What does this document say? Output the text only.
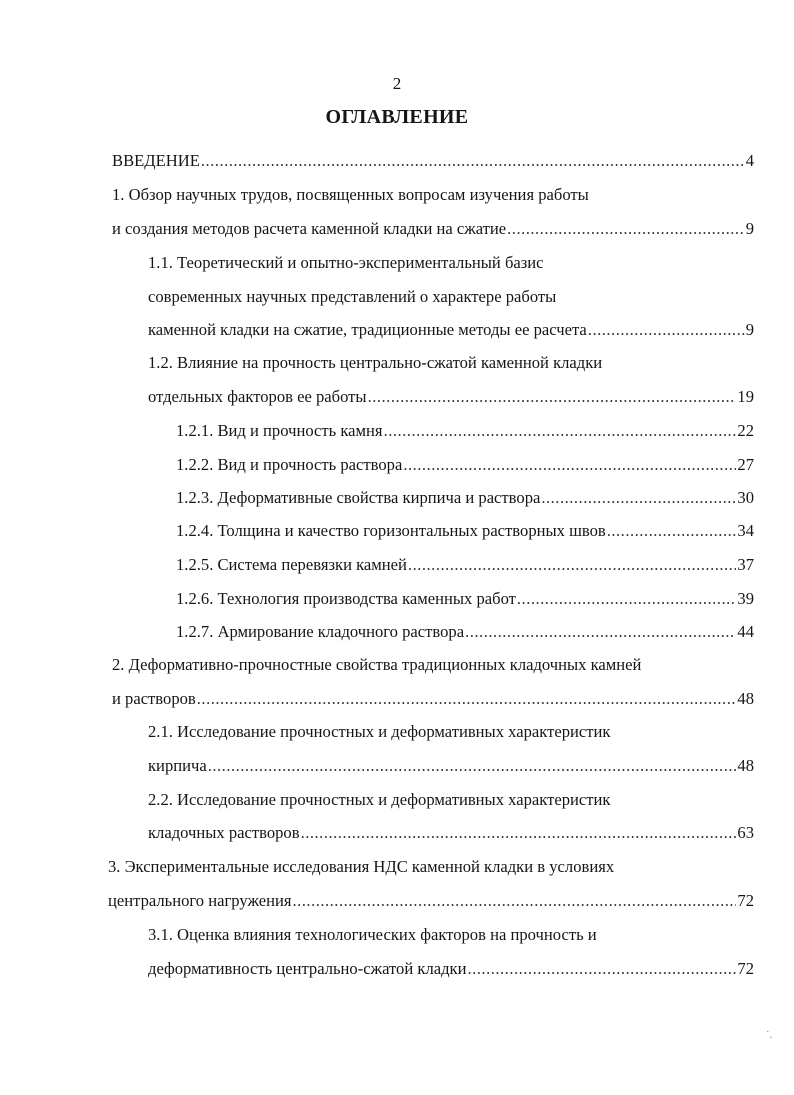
2
ОГЛАВЛЕНИЕ
ВВЕДЕНИЕ .....	4
1. Обзор научных трудов, посвященных вопросам изучения работы
и создания методов расчета каменной кладки на сжатие .....	9
1.1. Теоретический и опытно-экспериментальный базис
современных научных представлений о характере работы
каменной кладки на сжатие, традиционные методы ее расчета .....	9
1.2. Влияние на прочность центрально-сжатой каменной кладки
отдельных факторов ее работы .....	19
1.2.1. Вид и прочность камня .....	22
1.2.2. Вид и прочность раствора .....	27
1.2.3. Деформативные свойства кирпича и раствора .....	30
1.2.4. Толщина и качество горизонтальных растворных швов .....	34
1.2.5. Система перевязки камней .....	37
1.2.6. Технология производства каменных работ .....	39
1.2.7. Армирование кладочного раствора .....	44
2. Деформативно-прочностные свойства традиционных кладочных камней
и растворов .....	48
2.1. Исследование прочностных и деформативных характеристик
кирпича .....	48
2.2. Исследование прочностных и деформативных характеристик
кладочных растворов .....	63
3. Экспериментальные исследования НДС каменной кладки в условиях
центрального нагружения .....	72
3.1. Оценка влияния технологических факторов на прочность и
деформативность центрально-сжатой кладки .....	72
˙.
